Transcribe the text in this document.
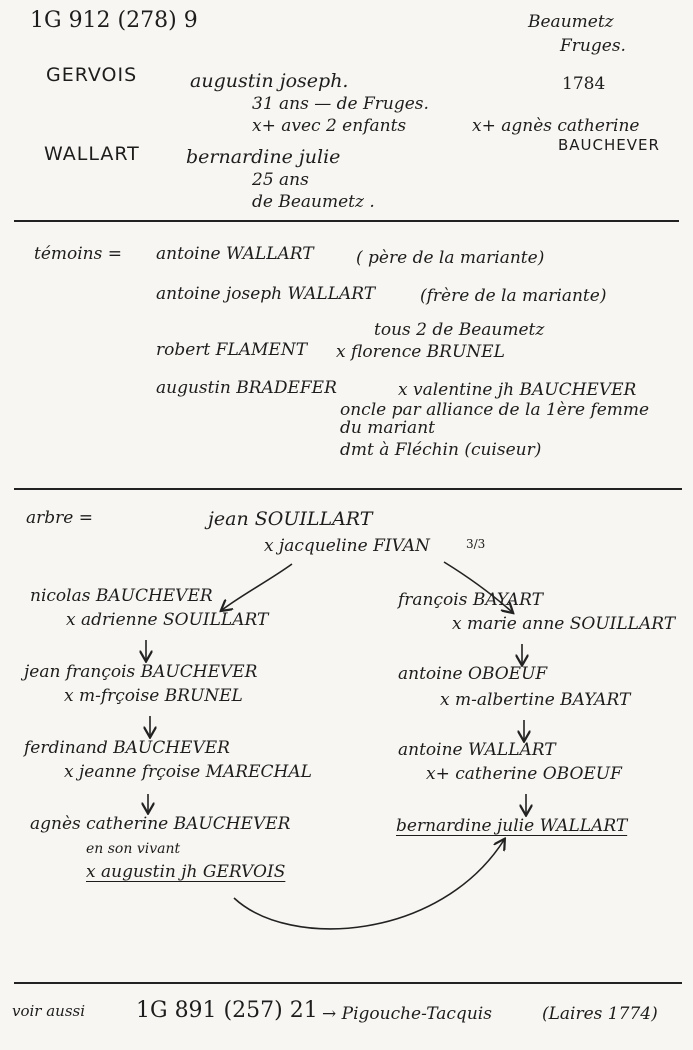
1G 912 (278) 9	Beaumetz
Fruges.
1784
GERVOIS	augustin joseph.
31 ans — de Fruges.
x+ avec 2 enfants	x+ agnès catherine
BAUCHEVER
WALLART bernardine julie
25 ans
de Beaumetz .
témoins = antoine WALLART ( père de la mariante)
antoine joseph WALLART	(frère de la mariante)
tous 2 de Beaumetz
robert FLAMENT x florence BRUNEL
augustin BRADEFER	x valentine jh BAUCHEVER
oncle par alliance de la 1ère femme
du mariant
dmt à Fléchin (cuiseur)
arbre =	jean SOUILLART
x jacqueline FIVAN	3/3
nicolas BAUCHEVER
x adrienne SOUILLART
jean françois BAUCHEVER
x m-frçoise BRUNEL
ferdinand BAUCHEVER
x jeanne frçoise MARECHAL
agnès catherine BAUCHEVER
en son vivant
x augustin jh GERVOIS
françois BAYART
x marie anne SOUILLART
antoine OBOEUF
x m-albertine BAYART
antoine WALLART
x+ catherine OBOEUF
bernardine julie WALLART
voir aussi 1G 891 (257) 21 → Pigouche-Tacquis	(Laires 1774)
